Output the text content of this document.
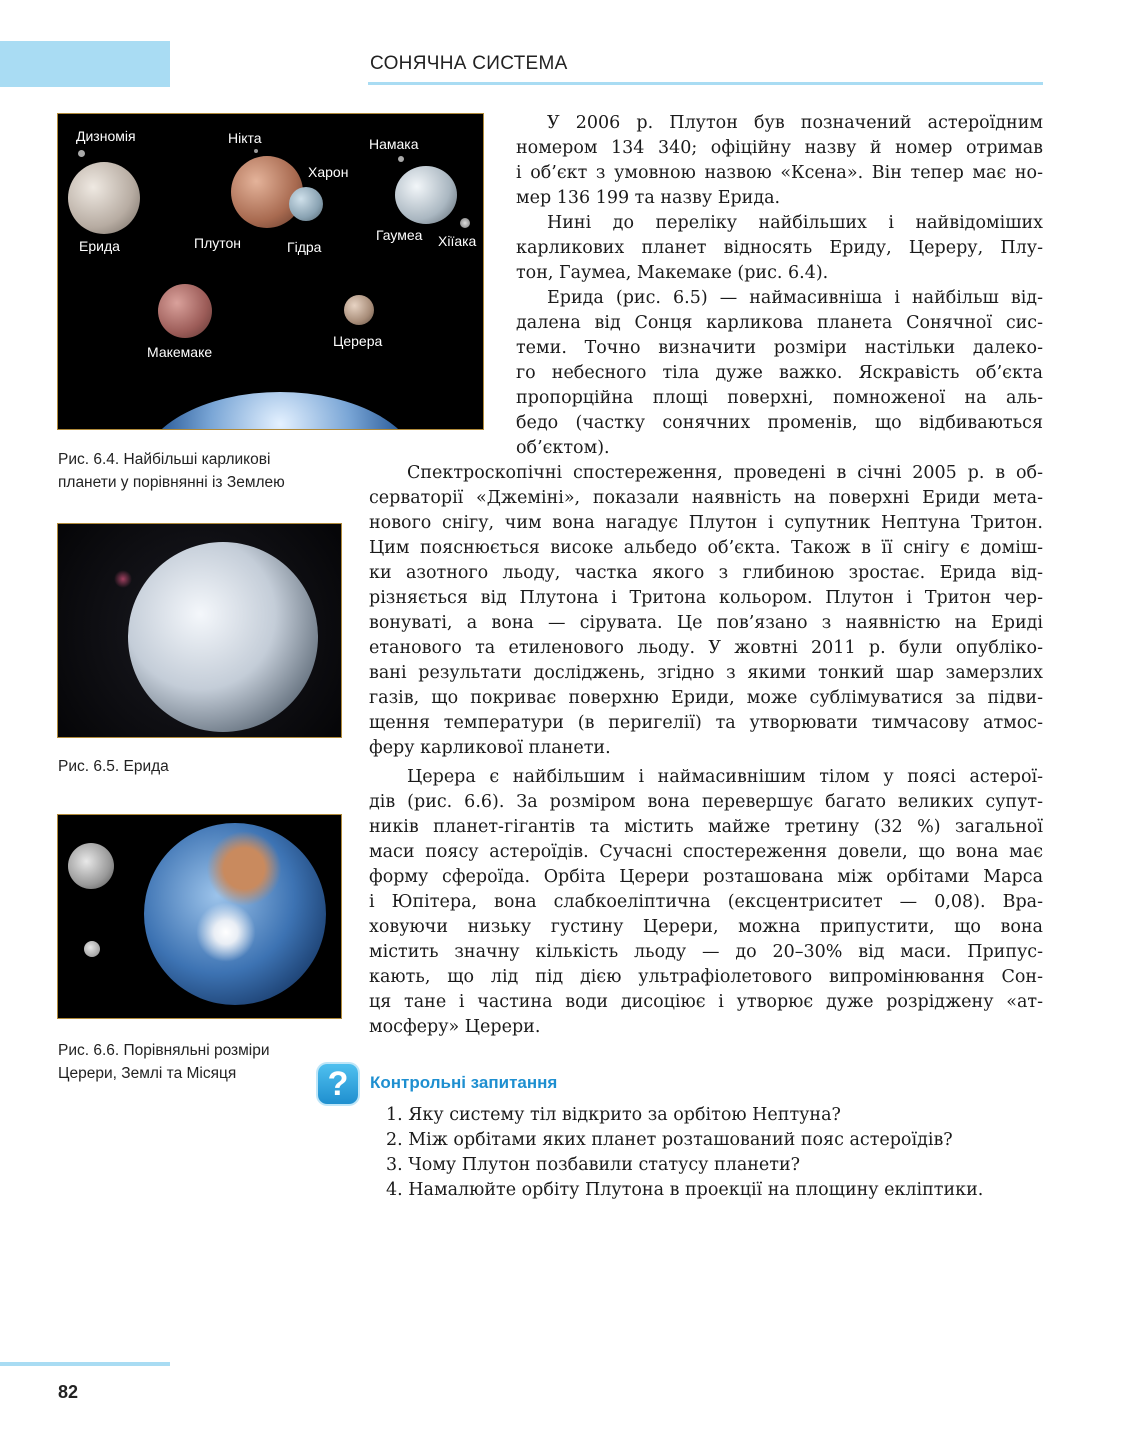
СОНЯЧНА СИСТЕМА
Дизномія	Нікта	Намака
Харон
Ерида	Плутон	Гідра
Гаумеа Хіїака
Макемаке
Церера
Рис. 6.4. Найбільші карликові
планети у порівнянні із Землею
Рис. 6.5. Ерида
Рис. 6.6. Порівняльні розміри
Церери, Землі та Місяця
У 2006 р. Плутон був позначений астероїдним
номером 134 340; офіційну назву й номер отримав
і об’єкт з умовною назвою «Ксена». Він тепер має но-
мер 136 199 та назву Ерида.
Нині до переліку найбільших і найвідоміших
карликових планет відносять Ериду, Цереру, Плу-
тон, Гаумеа, Макемаке (рис. 6.4).
Ерида (рис. 6.5) — наймасивніша і найбільш від-
далена від Сонця карликова планета Сонячної сис-
теми. Точно визначити розміри настільки далеко-
го небесного тіла дуже важко. Яскравість об’єкта
пропорційна площі поверхні, помноженої на аль-
бедо (частку сонячних променів, що відбиваються
об’єктом).
Спектроскопічні спостереження, проведені в січні 2005 р. в об-
серваторії «Джеміні», показали наявність на поверхні Ериди мета-
нового снігу, чим вона нагадує Плутон і супутник Нептуна Тритон.
Цим пояснюється високе альбедо об’єкта. Також в її снігу є доміш-
ки азотного льоду, частка якого з глибиною зростає. Ерида від-
різняється від Плутона і Тритона кольором. Плутон і Тритон чер-
вонуваті, а вона — сірувата. Це пов’язано з наявністю на Ериді
етанового та етиленового льоду. У жовтні 2011 р. були опубліко-
вані результати досліджень, згідно з якими тонкий шар замерзлих
газів, що покриває поверхню Ериди, може сублімуватися за підви-
щення температури (в перигелії) та утворювати тимчасову атмос-
феру карликової планети.
Церера є найбільшим і наймасивнішим тілом у поясі астерої-
дів (рис. 6.6). За розміром вона перевершує багато великих супут-
ників планет-гігантів та містить майже третину (32 %) загальної
маси поясу астероїдів. Сучасні спостереження довели, що вона має
форму сфероїда. Орбіта Церери розташована між орбітами Марса
і Юпітера, вона слабкоеліптична (ексцентриситет — 0,08). Вра-
ховуючи низьку густину Церери, можна припустити, що вона
містить значну кількість льоду — до 20–30% від маси. Припус-
кають, що лід під дією ультрафіолетового випромінювання Сон-
ця тане і частина води дисоціює і утворює дуже розріджену «ат-
мосферу» Церери.
?	Контрольні запитання
1. Яку систему тіл відкрито за орбітою Нептуна?
2. Між орбітами яких планет розташований пояс астероїдів?
3. Чому Плутон позбавили статусу планети?
4. Намалюйте орбіту Плутона в проекції на площину екліптики.
82
